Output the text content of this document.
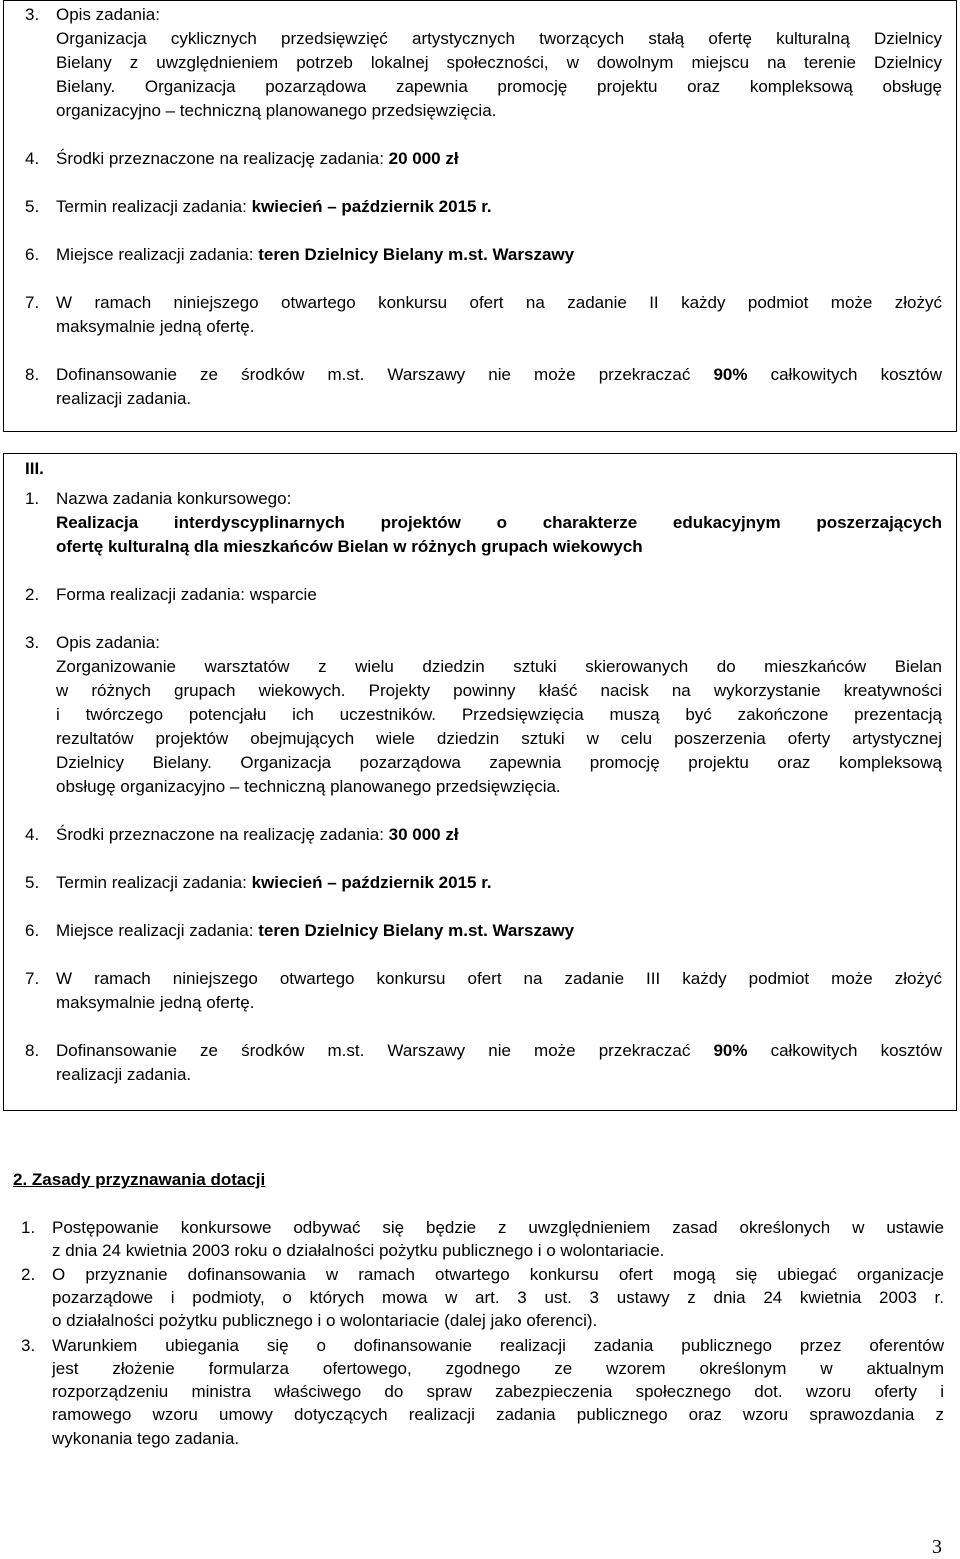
3. Opis zadania:
Organizacja cyklicznych przedsięwzięć artystycznych tworzących stałą ofertę kulturalną Dzielnicy
Bielany z uwzględnieniem potrzeb lokalnej społeczności, w dowolnym miejscu na terenie Dzielnicy
Bielany. Organizacja pozarządowa zapewnia promocję projektu oraz kompleksową obsługę
organizacyjno – techniczną planowanego przedsięwzięcia.
4. Środki przeznaczone na realizację zadania: 20 000 zł
5. Termin realizacji zadania: kwiecień – październik 2015 r.
6. Miejsce realizacji zadania: teren Dzielnicy Bielany m.st. Warszawy
7. W ramach niniejszego otwartego konkursu ofert na zadanie II każdy podmiot może złożyć
maksymalnie jedną ofertę.
8. Dofinansowanie ze środków m.st. Warszawy nie może przekraczać 90% całkowitych kosztów
realizacji zadania.
III.
1. Nazwa zadania konkursowego:
Realizacja interdyscyplinarnych projektów o charakterze edukacyjnym poszerzających
ofertę kulturalną dla mieszkańców Bielan w różnych grupach wiekowych
2. Forma realizacji zadania: wsparcie
3. Opis zadania:
Zorganizowanie warsztatów z wielu dziedzin sztuki skierowanych do mieszkańców Bielan
w różnych grupach wiekowych. Projekty powinny kłaść nacisk na wykorzystanie kreatywności
i twórczego potencjału ich uczestników. Przedsięwzięcia muszą być zakończone prezentacją
rezultatów projektów obejmujących wiele dziedzin sztuki w celu poszerzenia oferty artystycznej
Dzielnicy Bielany. Organizacja pozarządowa zapewnia promocję projektu oraz kompleksową
obsługę organizacyjno – techniczną planowanego przedsięwzięcia.
4. Środki przeznaczone na realizację zadania: 30 000 zł
5. Termin realizacji zadania: kwiecień – październik 2015 r.
6. Miejsce realizacji zadania: teren Dzielnicy Bielany m.st. Warszawy
7. W ramach niniejszego otwartego konkursu ofert na zadanie III każdy podmiot może złożyć
maksymalnie jedną ofertę.
8. Dofinansowanie ze środków m.st. Warszawy nie może przekraczać 90% całkowitych kosztów
realizacji zadania.
2. Zasady przyznawania dotacji
1. Postępowanie konkursowe odbywać się będzie z uwzględnieniem zasad określonych w ustawie
z dnia 24 kwietnia 2003 roku o działalności pożytku publicznego i o wolontariacie.
2. O przyznanie dofinansowania w ramach otwartego konkursu ofert mogą się ubiegać organizacje
pozarządowe i podmioty, o których mowa w art. 3 ust. 3 ustawy z dnia 24 kwietnia 2003 r.
o działalności pożytku publicznego i o wolontariacie (dalej jako oferenci).
3. Warunkiem ubiegania się o dofinansowanie realizacji zadania publicznego przez oferentów
jest złożenie formularza ofertowego, zgodnego ze wzorem określonym w aktualnym
rozporządzeniu ministra właściwego do spraw zabezpieczenia społecznego dot. wzoru oferty i
ramowego wzoru umowy dotyczących realizacji zadania publicznego oraz wzoru sprawozdania z
wykonania tego zadania.
3
